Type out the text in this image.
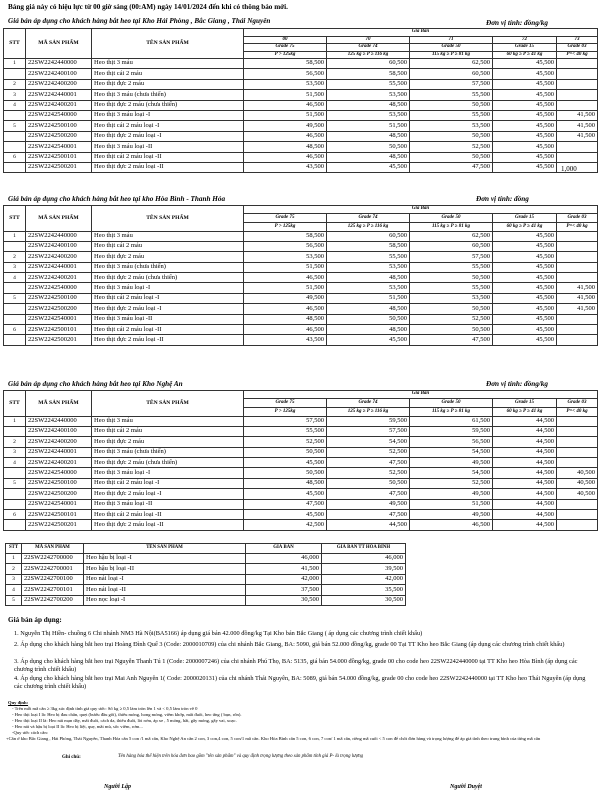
Bảng giá này có hiệu lực từ 00 giờ sáng (00:AM) ngày 14/01/2024 đến khi có thông báo mới.
Giá bán áp dụng cho khách hàng bắt heo tại Kho Hải Phòng , Bắc Giang , Thái Nguyên	Đơn vị tính: đồng/kg
STT	MÃ SẢN PHẨM	TÊN SẢN PHẨM	Giá Bán				
			00	70	71	72	73
			Grade 75	Grade 74	Grade 50	Grade 15	Grade 03
			P > 125kg	125 kg ≥ P ≥ 116 kg	115 kg ≥ P ≥ 81 kg	60 kg ≥ P ≥ 41 kg	P=< 40 kg
1	22SW2242440000	Heo thịt 3 máu	58,500	60,500	62,500	45,500	
	22SW2242400100	Heo thịt cái 2 máu	56,500	58,500	60,500	45,500	
2	22SW2242400200	Heo thịt đực 2 máu	53,500	55,500	57,500	45,500	
3	22SW2242440001	Heo thịt 3 máu (chưa thiến)	51,500	53,500	55,500	45,500	
4	22SW2242400201	Heo thịt đực 2 máu (chưa thiến)	46,500	48,500	50,500	45,500	
	22SW2242540000	Heo thịt 3 máu loại -I	51,500	53,500	55,500	45,500	41,500
5	22SW2242500100	Heo thịt cái 2 máu loại -I	49,500	51,500	53,500	45,500	41,500
	22SW2242500200	Heo thịt đực 2 máu loại -I	46,500	48,500	50,500	45,500	41,500
	22SW2242540001	Heo thịt 3 máu loại -II	48,500	50,500	52,500	45,500	
6	22SW2242500101	Heo thịt cái 2 máu loại -II	46,500	48,500	50,500	45,500	
	22SW2242500201	Heo thịt đực 2 máu loại -II	43,500	45,500	47,500	45,500	1,000
Giá bán áp dụng cho khách hàng bắt heo tại kho Hòa Bình - Thanh Hóa	Đơn vị tính: đồng
STT	MÃ SẢN PHẨM	TÊN SẢN PHẨM	Giá Bán				
			Grade 75	Grade 74	Grade 50	Grade 15	Grade 03
			P > 125kg	125 kg ≥ P ≥ 116 kg	115 kg ≥ P ≥ 81 kg	60 kg ≥ P ≥ 41 kg	P=< 40 kg
1	22SW2242440000	Heo thịt 3 máu	58,500	60,500	62,500	45,500	
	22SW2242400100	Heo thịt cái 2 máu	56,500	58,500	60,500	45,500	
2	22SW2242400200	Heo thịt đực 2 máu	53,500	55,500	57,500	45,500	
3	22SW2242440001	Heo thịt 3 máu (chưa thiến)	51,500	53,500	55,500	45,500	
4	22SW2242400201	Heo thịt đực 2 máu (chưa thiến)	46,500	48,500	50,500	45,500	
	22SW2242540000	Heo thịt 3 máu loại -I	51,500	53,500	55,500	45,500	41,500
5	22SW2242500100	Heo thịt cái 2 máu loại -I	49,500	51,500	53,500	45,500	41,500
	22SW2242500200	Heo thịt đực 2 máu loại -I	46,500	48,500	50,500	45,500	41,500
	22SW2242540001	Heo thịt 3 máu loại -II	48,500	50,500	52,500	45,500	
6	22SW2242500101	Heo thịt cái 2 máu loại -II	46,500	48,500	50,500	45,500	
	22SW2242500201	Heo thịt đực 2 máu loại -II	43,500	45,500	47,500	45,500	
Giá bán áp dụng cho khách hàng bắt heo tại Kho Nghệ An	Đơn vị tính: đồng/kg
STT	MÃ SẢN PHẨM	TÊN SẢN PHẨM	Giá Bán				
			Grade 75	Grade 74	Grade 50	Grade 15	Grade 03
			P > 125kg	125 kg ≥ P ≥ 116 kg	115 kg ≥ P ≥ 81 kg	60 kg ≥ P ≥ 41 kg	P=< 40 kg
1	22SW2242440000	Heo thịt 3 máu	57,500	59,500	61,500	44,500	
	22SW2242400100	Heo thịt cái 2 máu	55,500	57,500	59,500	44,500	
2	22SW2242400200	Heo thịt đực 2 máu	52,500	54,500	56,500	44,500	
3	22SW2242440001	Heo thịt 3 máu (chưa thiến)	50,500	52,500	54,500	44,500	
4	22SW2242400201	Heo thịt đực 2 máu (chưa thiến)	45,500	47,500	49,500	44,500	
	22SW2242540000	Heo thịt 3 máu loại -I	50,500	52,500	54,500	44,500	40,500
5	22SW2242500100	Heo thịt cái 2 máu loại -I	48,500	50,500	52,500	44,500	40,500
	22SW2242500200	Heo thịt đực 2 máu loại -I	45,500	47,500	49,500	44,500	40,500
	22SW2242540001	Heo thịt 3 máu loại -II	47,500	49,500	51,500	44,500	
6	22SW2242500101	Heo thịt cái 2 máu loại -II	45,500	47,500	49,500	44,500	
	22SW2242500201	Heo thịt đực 2 máu loại -II	42,500	44,500	46,500	44,500	
STT	MÃ SẢN PHẨM	TÊN SẢN PHẨM	GIÁ BÁN	GIÁ BÁN TT HÒA BÌNH
1	22SW2242700000	Heo hậu bị loại -I	46,000	46,000
2	22SW2242700001	Heo hậu bị loại -II	41,500	39,500
3	22SW2242700100	Heo nái loại -I	42,000	42,000
4	22SW2242700101	Heo nái loại -II	37,500	35,500
5	22SW2242700200	Heo nọc loại -I	30,500	30,500
Giá bán áp dụng:
1. Nguyễn Thị Hiền- chuồng 6 Chi nhánh NM3 Hà Nội(BA5166) áp dụng giá bán 42.000 đồng/kg Tại Kho bán Bắc Giang ( áp dụng các chương trình chiết khấu)
2. Áp dụng cho khách hàng bắt heo trại Hoàng Đình Quế 3 (Code: 2000010709) của chi nhánh Bắc Giang, BA: 5090, giá bán 52.000 đồng/kg, grade 00 Tại TT Kho heo Bắc Giang (áp dụng các chương trình chiết khấu)
3. Áp dụng cho khách hàng bắt heo trại Nguyễn Thanh Tú 1 (Code: 2000007246) của chi nhánh Phú Thọ, BA: 5135, giá bán 54.000 đồng/kg, grade 00 cho code heo 22SW2242440000 tại TT Kho heo Hòa Bình (áp dụng các chương trình chiết khấu)
4. Áp dụng cho khách hàng bắt heo trại Mai Anh Nguyên 1( Code: 2000020131) của chi nhánh Thái Nguyên, BA: 5089, giá bán 54.000 đồng/kg, grade 00 cho code heo 22SW2242440000 tại TT Kho heo Thái Nguyên (áp dụng các chương trình chiết khấu)
Quy định:
- Trên mỗi mã cân ≥ 3kg xác định tính giá quy ước: Số kg ≥ 0,5 làm tròn lên 1 và < 0,5 làm tròn về 0
- Heo thịt loại I là: Heo bị đau chân, quẹt (bướu đầu gối), thiếu móng, hong móng, viêm khớp, mất đuôi, heo ứng ( bụn, rốn).
- Heo thịt loại II là: Heo nái mạn dây, mất đuôi, cách da, thiếu đuôi, lòi rơm, áp xe , 5 móng, hắt, gãy móng, gãy vai, xoạc.
- Heo nái và hậu bị loại II là: Heo bị liệt, quẹ, mắt mù, sốc viêm, rơm...
-Quy ước cách cân:
+Cân ở kho Bắc Giang , Hải Phòng, Thái Nguyên, Thanh Hóa cân 5 con /1 mã cân, Kho Nghệ An cân 2 con, 3 con,4 con, 5 con/1 mã cân. Kho Hòa Bình cân 5 con, 6 con, 7 con/ 1 mã cân, riêng mã cuối < 5 con để chốt đơn hàng và trọng lượng để áp giá tính theo trung bình của từng mã cân
Ghi chú:	Tên hàng hóa thể hiện trên hóa đơn bao gồm "tên sản phẩm" và quy định trọng lượng theo sản phẩm tính giá P- là trọng lượng
Người Lập	Người Duyệt
